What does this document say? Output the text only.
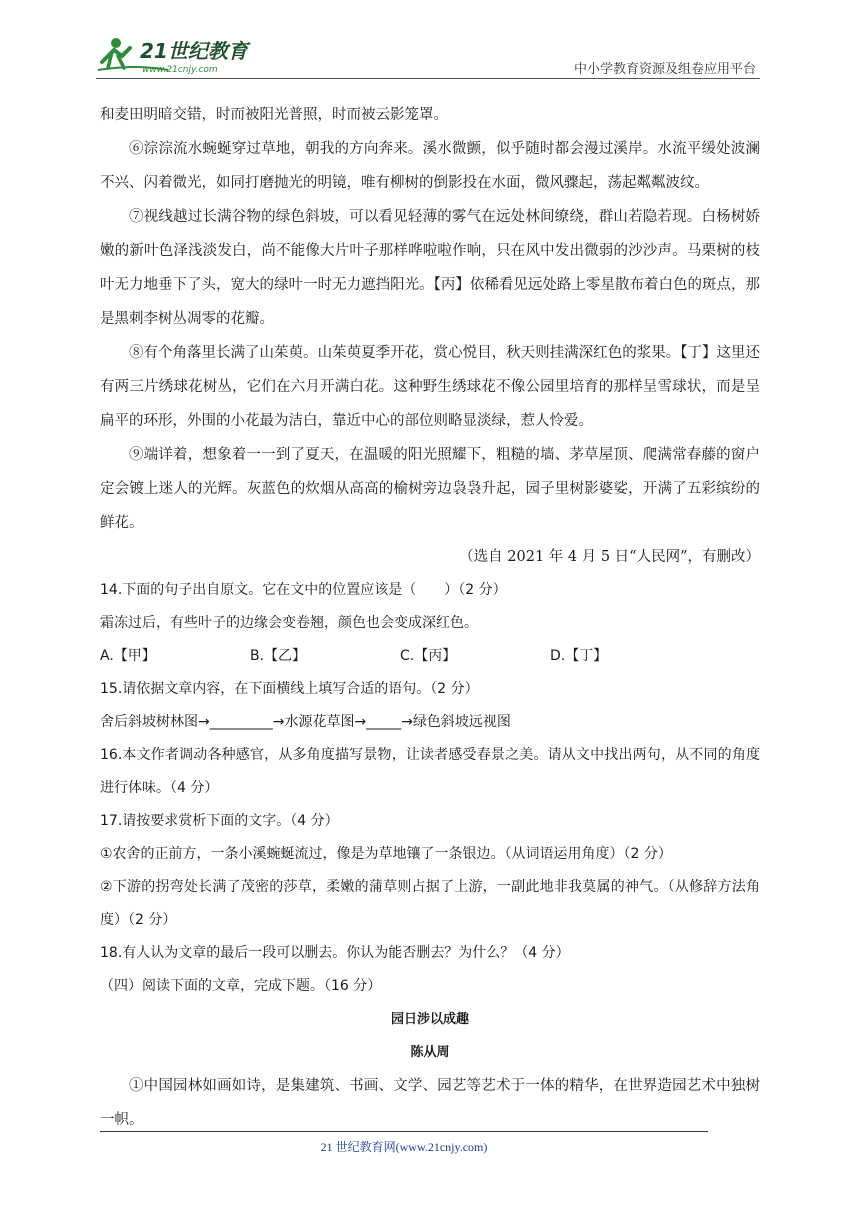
21世纪教育
www.21cnjy.com	中小学教育资源及组卷应用平台

和麦田明暗交错，时而被阳光普照，时而被云影笼罩。

⑥淙淙流水蜿蜒穿过草地，朝我的方向奔来。溪水微颤，似乎随时都会漫过溪岸。水流平缓处波澜不兴、闪着微光，如同打磨抛光的明镜，唯有柳树的倒影投在水面，微风骤起，荡起粼粼波纹。

⑦视线越过长满谷物的绿色斜坡，可以看见轻薄的雾气在远处林间缭绕，群山若隐若现。白杨树娇嫩的新叶色泽浅淡发白，尚不能像大片叶子那样哗啦啦作响，只在风中发出微弱的沙沙声。马栗树的枝叶无力地垂下了头，宽大的绿叶一时无力遮挡阳光。【丙】依稀看见远处路上零星散布着白色的斑点，那是黑刺李树丛凋零的花瓣。

⑧有个角落里长满了山茱萸。山茱萸夏季开花，赏心悦目，秋天则挂满深红色的浆果。【丁】这里还有两三片绣球花树丛，它们在六月开满白花。这种野生绣球花不像公园里培育的那样呈雪球状，而是呈扁平的环形，外围的小花最为洁白，靠近中心的部位则略显淡绿，惹人怜爱。

⑨端详着，想象着一一到了夏天，在温暖的阳光照耀下，粗糙的墙、茅草屋顶、爬满常春藤的窗户定会镀上迷人的光辉。灰蓝色的炊烟从高高的榆树旁边袅袅升起，园子里树影婆娑，开满了五彩缤纷的鲜花。

（选自 2021 年 4 月 5 日“人民网”，有删改）

14.下面的句子出自原文。它在文中的位置应该是（　　）（2 分）

霜冻过后，有些叶子的边缘会变卷翘，颜色也会变成深红色。

A.【甲】	B.【乙】	C.【丙】	D.【丁】

15.请依据文章内容，在下面横线上填写合适的语句。（2 分）

舍后斜坡树林图→_________→水源花草图→_____→绿色斜坡远视图

16.本文作者调动各种感官，从多角度描写景物，让读者感受春景之美。请从文中找出两句，从不同的角度进行体味。（4 分）

17.请按要求赏析下面的文字。（4 分）

①农舍的正前方，一条小溪蜿蜒流过，像是为草地镶了一条银边。（从词语运用角度）（2 分）

②下游的拐弯处长满了茂密的莎草，柔嫩的蒲草则占据了上游，一副此地非我莫属的神气。（从修辞方法角度）（2 分）

18.有人认为文章的最后一段可以删去。你认为能否删去？为什么？（4 分）

（四）阅读下面的文章，完成下题。（16 分）

园日涉以成趣
陈从周

①中国园林如画如诗，是集建筑、书画、文学、园艺等艺术于一体的精华，在世界造园艺术中独树一帜。

21 世纪教育网(www.21cnjy.com)
